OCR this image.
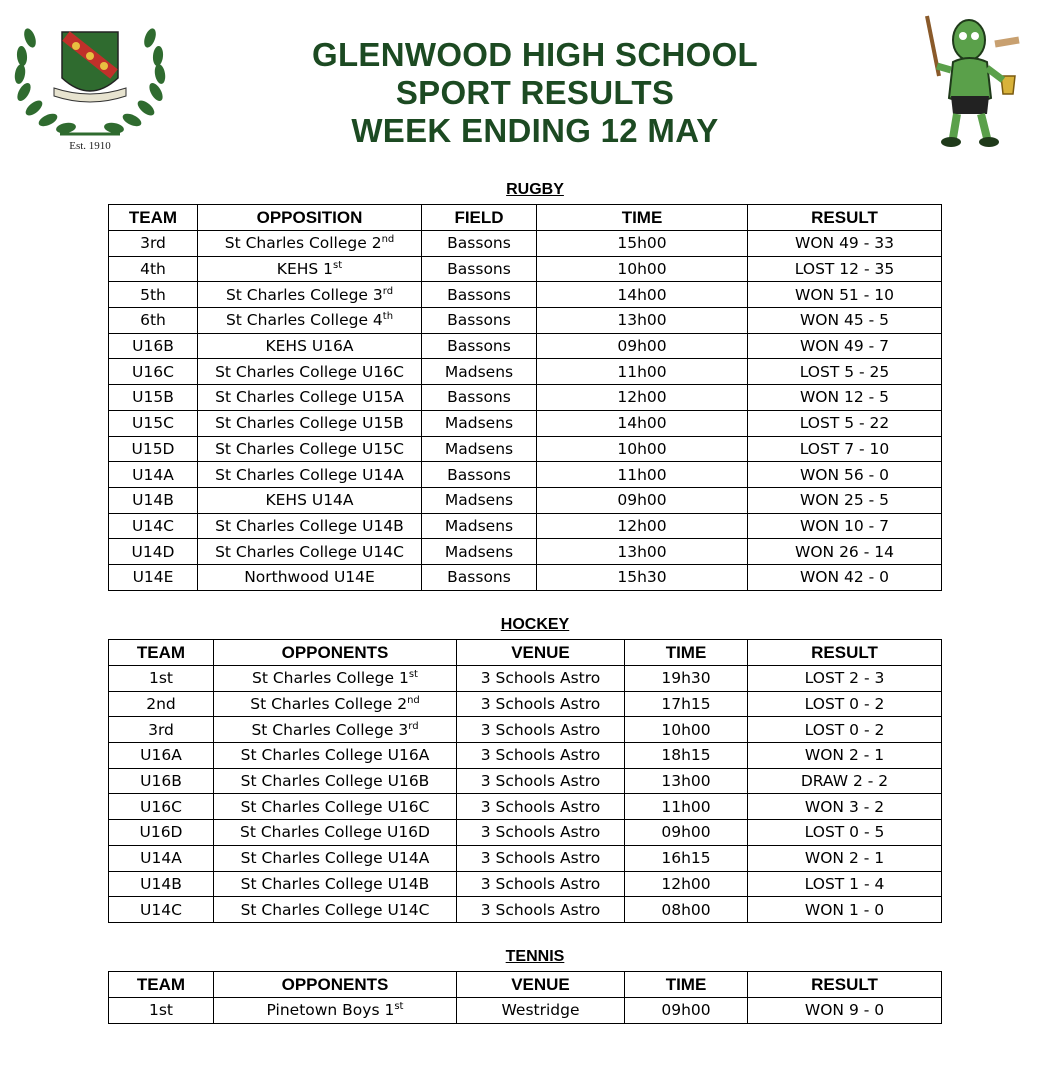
Est. 1910
GLENWOOD HIGH SCHOOL
SPORT RESULTS
WEEK ENDING 12 MAY
RUGBY
TEAM	OPPOSITION	FIELD	TIME	RESULT
3rd	St Charles College 2nd	Bassons	15h00	WON 49 - 33
4th	KEHS 1st	Bassons	10h00	LOST 12 - 35
5th	St Charles College 3rd	Bassons	14h00	WON 51 - 10
6th	St Charles College 4th	Bassons	13h00	WON 45 - 5
U16B	KEHS U16A	Bassons	09h00	WON 49 - 7
U16C	St Charles College U16C	Madsens	11h00	LOST 5 - 25
U15B	St Charles College U15A	Bassons	12h00	WON 12 - 5
U15C	St Charles College U15B	Madsens	14h00	LOST 5 - 22
U15D	St Charles College U15C	Madsens	10h00	LOST 7 - 10
U14A	St Charles College U14A	Bassons	11h00	WON 56 - 0
U14B	KEHS U14A	Madsens	09h00	WON 25 - 5
U14C	St Charles College U14B	Madsens	12h00	WON 10 - 7
U14D	St Charles College U14C	Madsens	13h00	WON 26 - 14
U14E	Northwood U14E	Bassons	15h30	WON 42 - 0
HOCKEY
TEAM	OPPONENTS	VENUE	TIME	RESULT
1st	St Charles College 1st	3 Schools Astro	19h30	LOST 2 - 3
2nd	St Charles College 2nd	3 Schools Astro	17h15	LOST 0 - 2
3rd	St Charles College 3rd	3 Schools Astro	10h00	LOST 0 - 2
U16A	St Charles College U16A	3 Schools Astro	18h15	WON 2 - 1
U16B	St Charles College U16B	3 Schools Astro	13h00	DRAW 2 - 2
U16C	St Charles College U16C	3 Schools Astro	11h00	WON 3 - 2
U16D	St Charles College U16D	3 Schools Astro	09h00	LOST 0 - 5
U14A	St Charles College U14A	3 Schools Astro	16h15	WON 2 - 1
U14B	St Charles College U14B	3 Schools Astro	12h00	LOST 1 - 4
U14C	St Charles College U14C	3 Schools Astro	08h00	WON 1 - 0
TENNIS
TEAM	OPPONENTS	VENUE	TIME	RESULT
1st	Pinetown Boys 1st	Westridge	09h00	WON 9 - 0
